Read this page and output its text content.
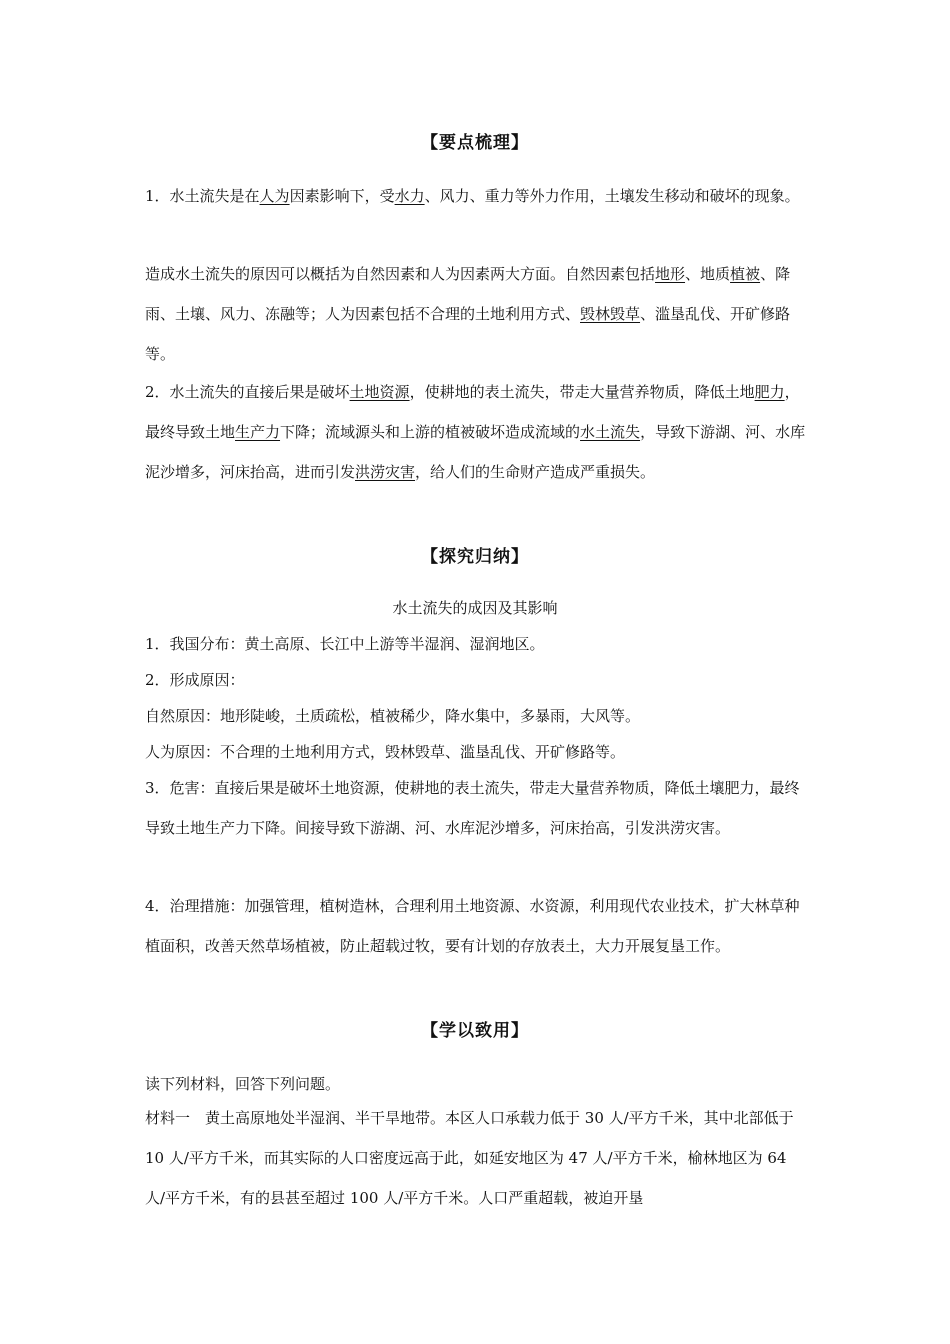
【要点梳理】
1．水土流失是在人为因素影响下，受水力、风力、重力等外力作用，土壤发生移动和破坏的现象。
造成水土流失的原因可以概括为自然因素和人为因素两大方面。自然因素包括地形、地质植被、降雨、土壤、风力、冻融等；人为因素包括不合理的土地利用方式、毁林毁草、滥垦乱伐、开矿修路等。
2．水土流失的直接后果是破坏土地资源，使耕地的表土流失，带走大量营养物质，降低土地肥力，最终导致土地生产力下降；流域源头和上游的植被破坏造成流域的水土流失，导致下游湖、河、水库泥沙增多，河床抬高，进而引发洪涝灾害，给人们的生命财产造成严重损失。
【探究归纳】
水土流失的成因及其影响
1．我国分布：黄土高原、长江中上游等半湿润、湿润地区。
2．形成原因：
自然原因：地形陡峻，土质疏松，植被稀少，降水集中，多暴雨，大风等。
人为原因：不合理的土地利用方式，毁林毁草、滥垦乱伐、开矿修路等。
3．危害：直接后果是破坏土地资源，使耕地的表土流失，带走大量营养物质，降低土壤肥力，最终导致土地生产力下降。间接导致下游湖、河、水库泥沙增多，河床抬高，引发洪涝灾害。
4．治理措施：加强管理，植树造林，合理利用土地资源、水资源，利用现代农业技术，扩大林草种植面积，改善天然草场植被，防止超载过牧，要有计划的存放表土，大力开展复垦工作。
【学以致用】
读下列材料，回答下列问题。
材料一　黄土高原地处半湿润、半干旱地带。本区人口承载力低于 30 人/平方千米，其中北部低于 10 人/平方千米，而其实际的人口密度远高于此，如延安地区为 47 人/平方千米，榆林地区为 64 人/平方千米，有的县甚至超过 100 人/平方千米。人口严重超载，被迫开垦
